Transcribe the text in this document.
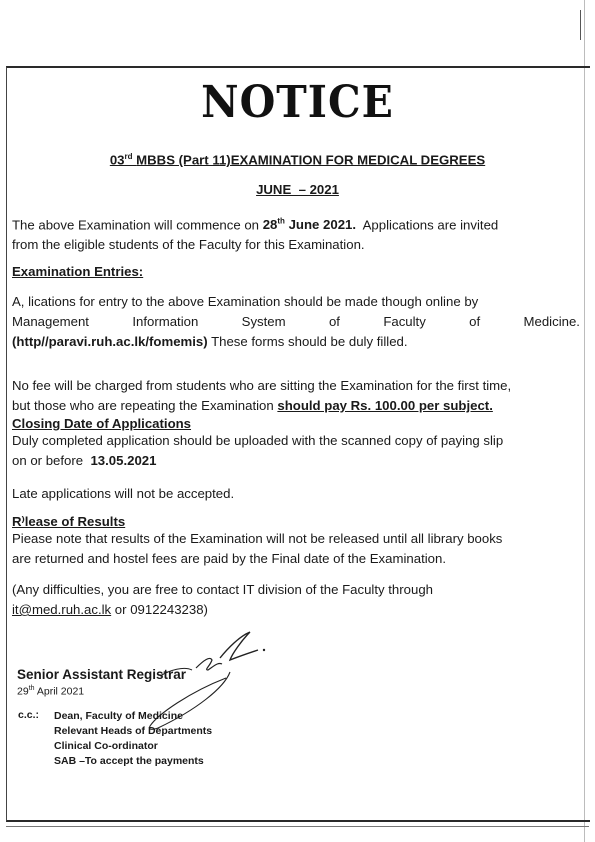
NOTICE
03rd MBBS (Part 11)EXAMINATION FOR MEDICAL DEGREES
JUNE  – 2021
The above Examination will commence on 28th June 2021.  Applications are invited
from the eligible students of the Faculty for this Examination.
Examination Entries:
A, lications for entry to the above Examination should be made though online by
Management	Information	System	of	Faculty	of	Medicine.
(http//paravi.ruh.ac.lk/fomemis) These forms should be duly filled.
No fee will be charged from students who are sitting the Examination for the first time,
but those who are repeating the Examination should pay Rs. 100.00 per subject.
Closing Date of Applications
Duly completed application should be uploaded with the scanned copy of paying slip
on or before  13.05.2021
Late applications will not be accepted.
R⁾lease of Results
Piease note that results of the Examination will not be released until all library books
are returned and hostel fees are paid by the Final date of the Examination.
(Any difficulties, you are free to contact IT division of the Faculty through
it@med.ruh.ac.lk or 0912243238)
Senior Assistant Registrar
29th April 2021
c.c.: Dean, Faculty of Medicine
Relevant Heads of Departments
Clinical Co-ordinator
SAB –To accept the payments
